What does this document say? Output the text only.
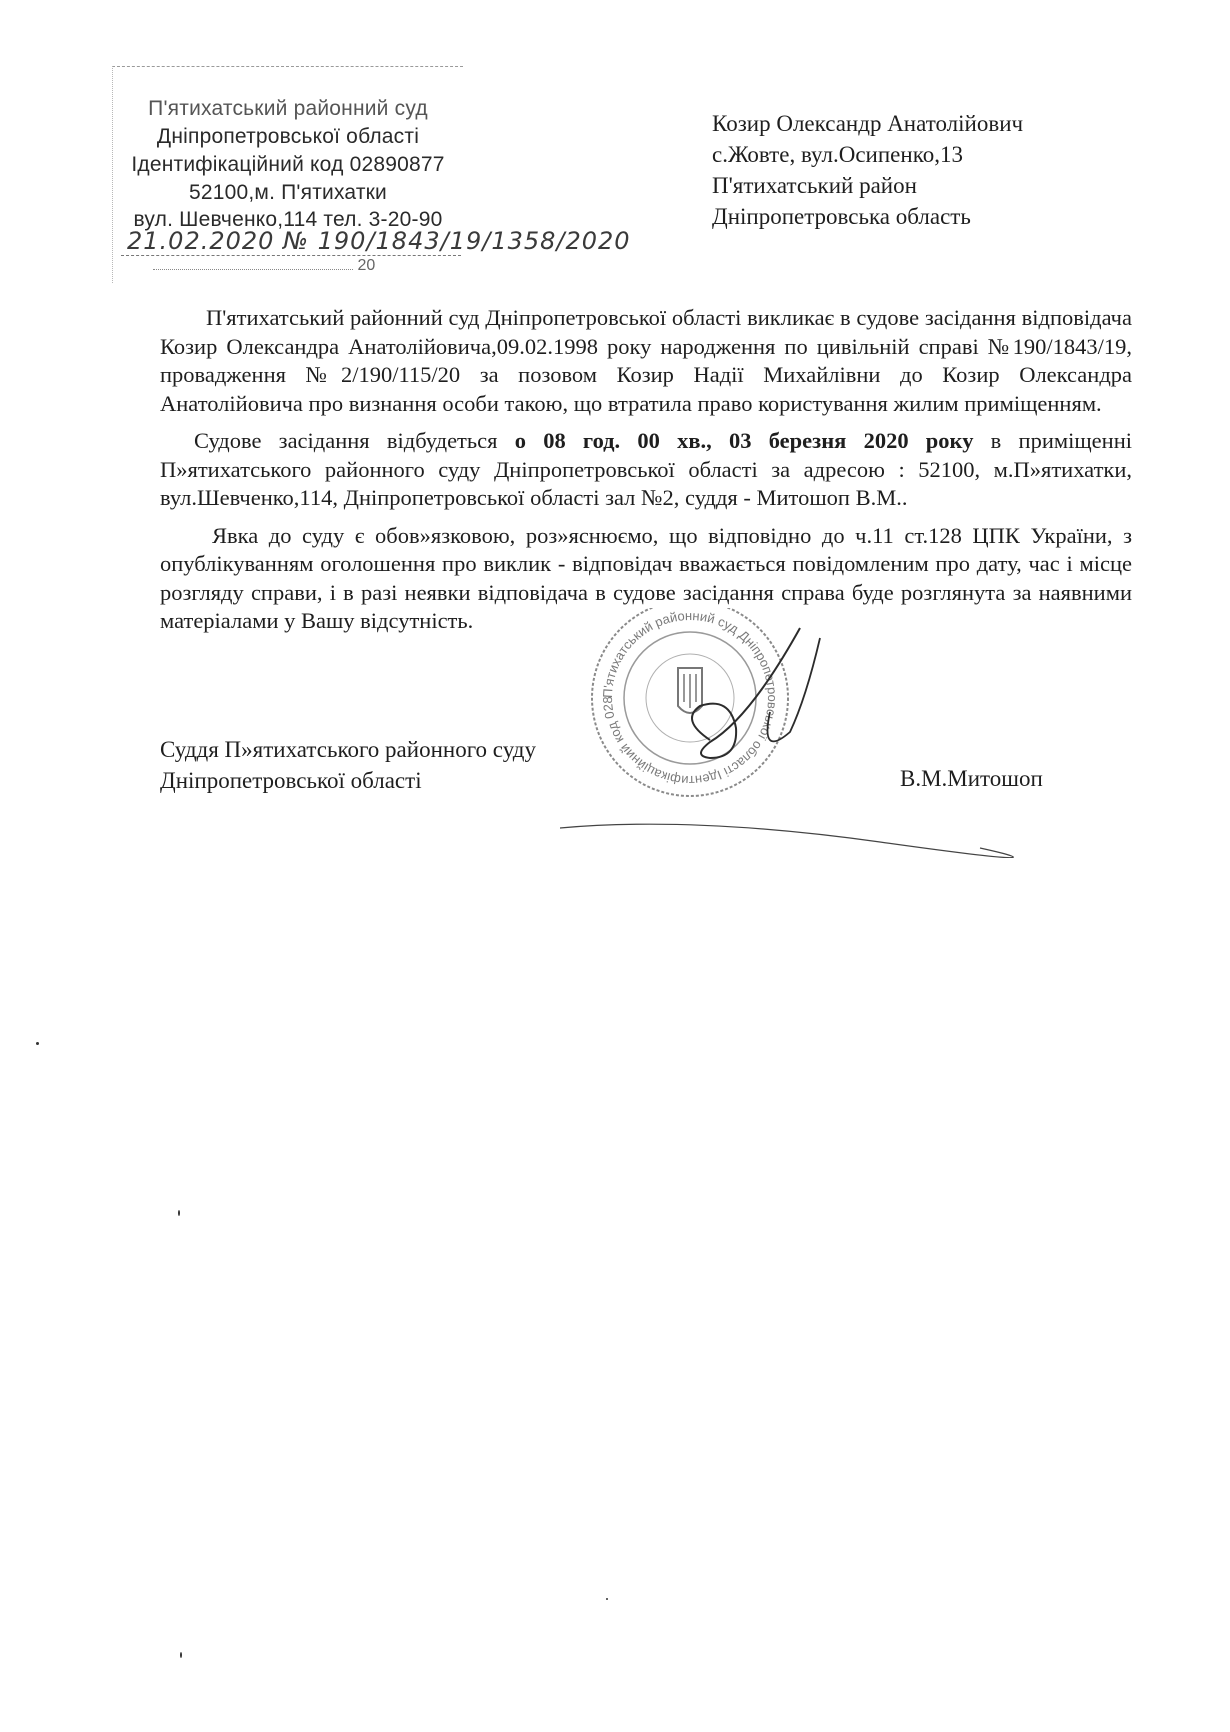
П'ятихатський районний суд
Дніпропетровської області
Ідентифікаційний код 02890877
52100,м. П'ятихатки
вул. Шевченко,114 тел. 3-20-90
21.02.2020 № 190/1843/19/1358/2020
20
Козир Олександр Анатолійович
с.Жовте, вул.Осипенко,13
П'ятихатський район
Дніпропетровська область

П'ятихатський районний суд Дніпропетровської області викликає в судове засідання відповідача Козир Олександра Анатолійовича,09.02.1998 року народження по цивільній справі №190/1843/19, провадження №2/190/115/20 за позовом Козир Надії Михайлівни до Козир Олександра Анатолійовича про визнання особи такою, що втратила право користування жилим приміщенням.

Судове засідання відбудеться о 08 год. 00 хв., 03 березня 2020 року в приміщенні П»ятихатського районного суду Дніпропетровської області за адресою : 52100, м.П»ятихатки, вул.Шевченко,114, Дніпропетровської області зал №2, суддя - Митошоп В.М..

Явка до суду є обов»язковою, роз»яснюємо, що відповідно до ч.11 ст.128 ЦПК України, з опублікуванням оголошення про виклик - відповідач вважається повідомленим про дату, час і місце розгляду справи, і в разі неявки відповідача в судове засідання справа буде розглянута за наявними матеріалами у Вашу відсутність.

П'ятихатський районний суд Дніпропетровської області Ідентифікаційний код 028
Суддя П»ятихатського районного суду
Дніпропетровської області	В.М.Митошоп
